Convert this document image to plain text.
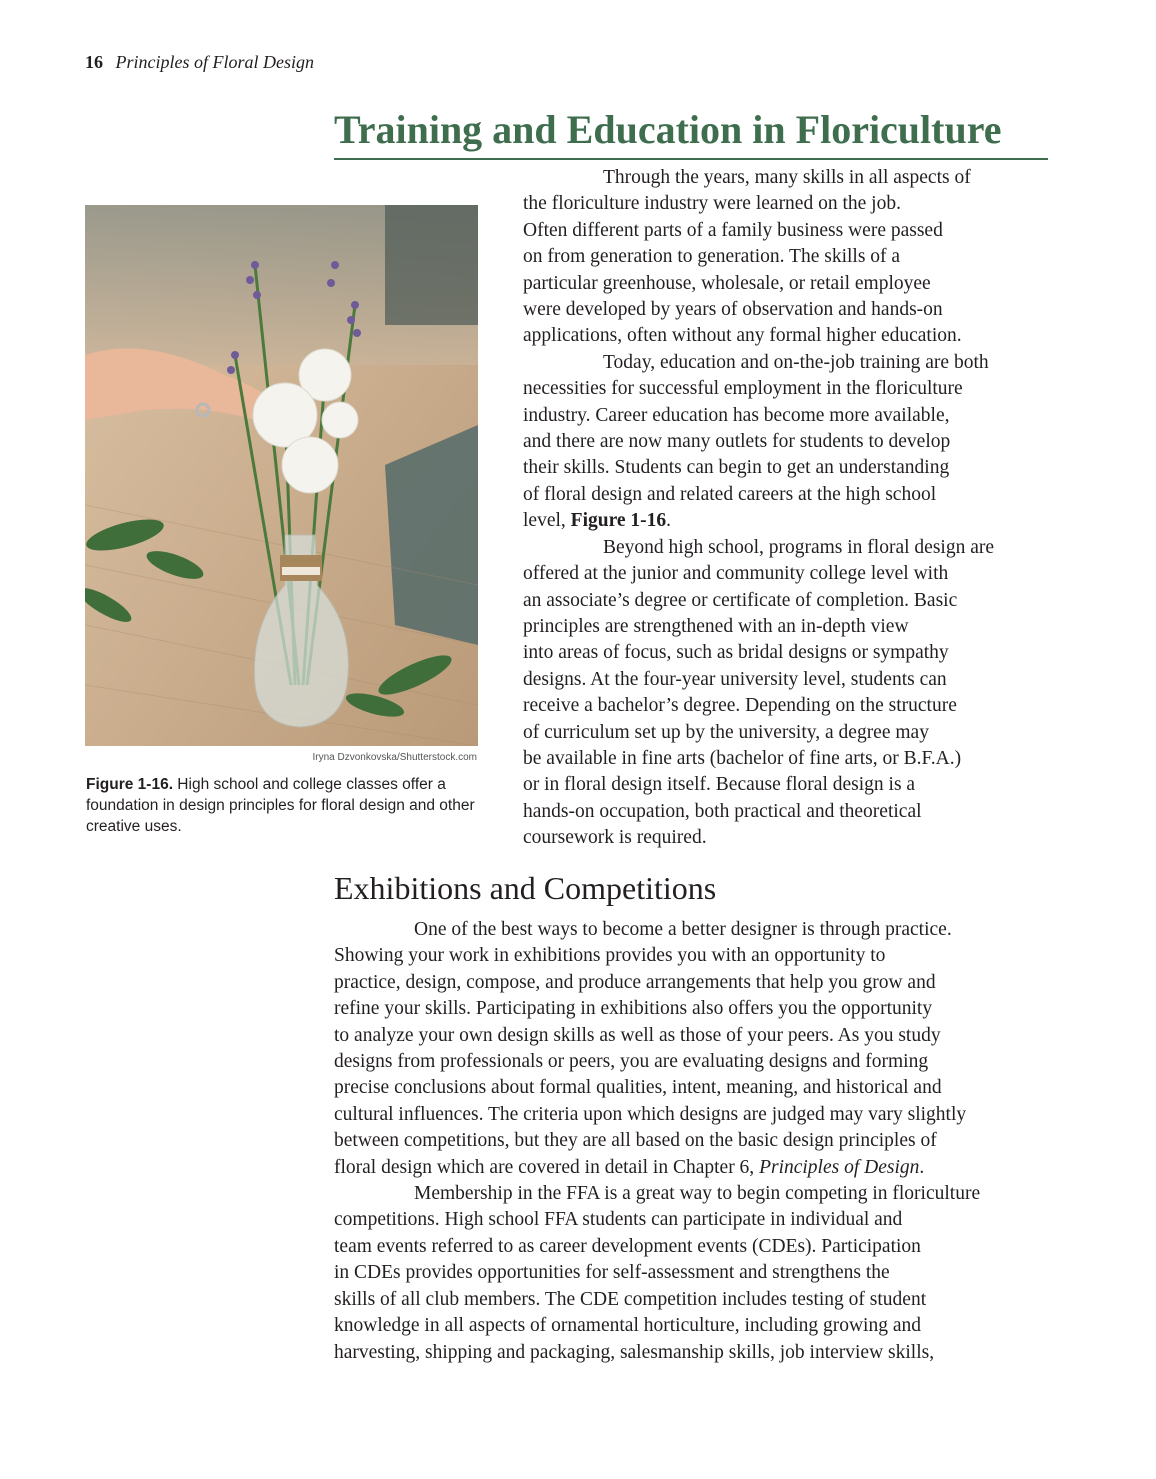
16 Principles of Floral Design
Training and Education in Floriculture
Iryna Dzvonkovska/Shutterstock.com
Figure 1-16. High school and college classes offer a foundation in design principles for floral design and other creative uses.

Through the years, many skills in all aspects of
the floriculture industry were learned on the job.
Often different parts of a family business were passed
on from generation to generation. The skills of a
particular greenhouse, wholesale, or retail employee
were developed by years of observation and hands-on
applications, often without any formal higher education.

Today, education and on-the-job training are both
necessities for successful employment in the floriculture
industry. Career education has become more available,
and there are now many outlets for students to develop
their skills. Students can begin to get an understanding
of floral design and related careers at the high school
level, Figure 1-16.

Beyond high school, programs in floral design are
offered at the junior and community college level with
an associate’s degree or certificate of completion. Basic
principles are strengthened with an in-depth view
into areas of focus, such as bridal designs or sympathy
designs. At the four-year university level, students can
receive a bachelor’s degree. Depending on the structure
of curriculum set up by the university, a degree may
be available in fine arts (bachelor of fine arts, or B.F.A.)
or in floral design itself. Because floral design is a
hands-on occupation, both practical and theoretical
coursework is required.

Exhibitions and Competitions

One of the best ways to become a better designer is through practice.
Showing your work in exhibitions provides you with an opportunity to
practice, design, compose, and produce arrangements that help you grow and
refine your skills. Participating in exhibitions also offers you the opportunity
to analyze your own design skills as well as those of your peers. As you study
designs from professionals or peers, you are evaluating designs and forming
precise conclusions about formal qualities, intent, meaning, and historical and
cultural influences. The criteria upon which designs are judged may vary slightly
between competitions, but they are all based on the basic design principles of
floral design which are covered in detail in Chapter 6, Principles of Design.

Membership in the FFA is a great way to begin competing in floriculture
competitions. High school FFA students can participate in individual and
team events referred to as career development events (CDEs). Participation
in CDEs provides opportunities for self-assessment and strengthens the
skills of all club members. The CDE competition includes testing of student
knowledge in all aspects of ornamental horticulture, including growing and
harvesting, shipping and packaging, salesmanship skills, job interview skills,
